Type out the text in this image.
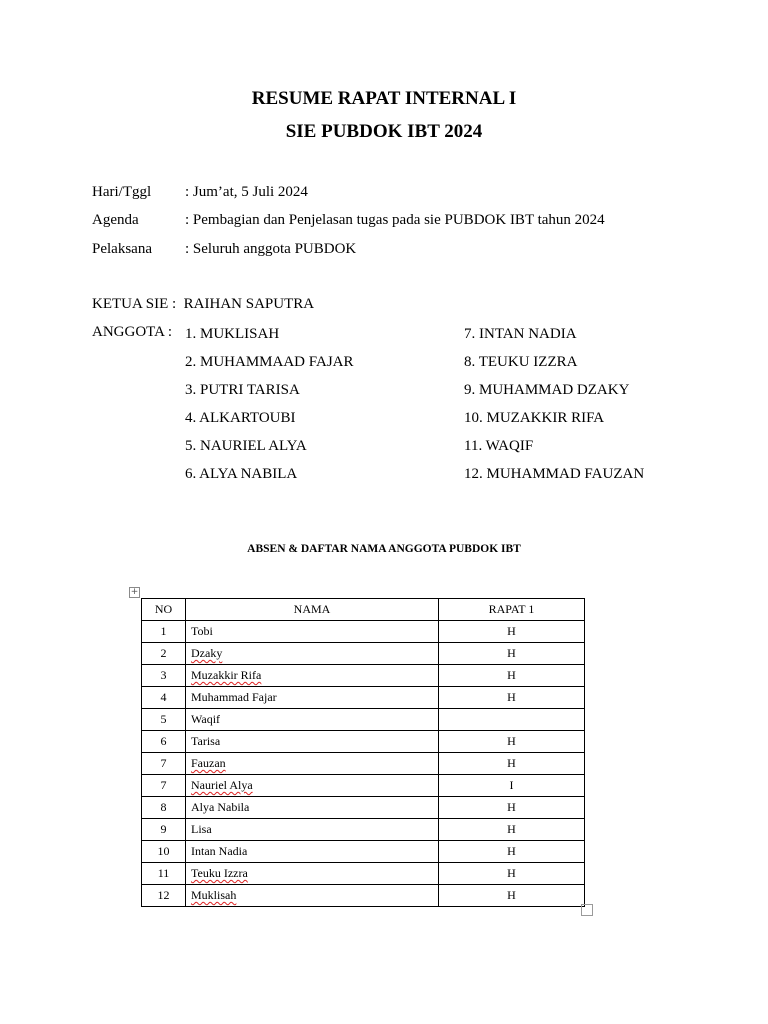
RESUME RAPAT INTERNAL I
SIE PUBDOK IBT 2024
Hari/Tggl : Jum’at, 5 Juli 2024
Agenda	: Pembagian dan Penjelasan tugas pada sie PUBDOK IBT tahun 2024
Pelaksana : Seluruh anggota PUBDOK
KETUA SIE :  RAIHAN SAPUTRA
ANGGOTA : 1. MUKLISAH
2. MUHAMMAAD FAJAR
3. PUTRI TARISA
4. ALKARTOUBI
5. NAURIEL ALYA
6. ALYA NABILA
7. INTAN NADIA
8. TEUKU IZZRA
9. MUHAMMAD DZAKY
10. MUZAKKIR RIFA
11. WAQIF
12. MUHAMMAD FAUZAN
ABSEN & DAFTAR NAMA ANGGOTA PUBDOK IBT
+
NO	NAMA	RAPAT 1
1	Tobi	H
2	Dzaky	H
3	Muzakkir Rifa	H
4	Muhammad Fajar	H
5	Waqif	
6	Tarisa	H
7	Fauzan	H
7	Nauriel Alya	I
8	Alya Nabila	H
9	Lisa	H
10	Intan Nadia	H
11	Teuku Izzra	H
12	Muklisah	H
